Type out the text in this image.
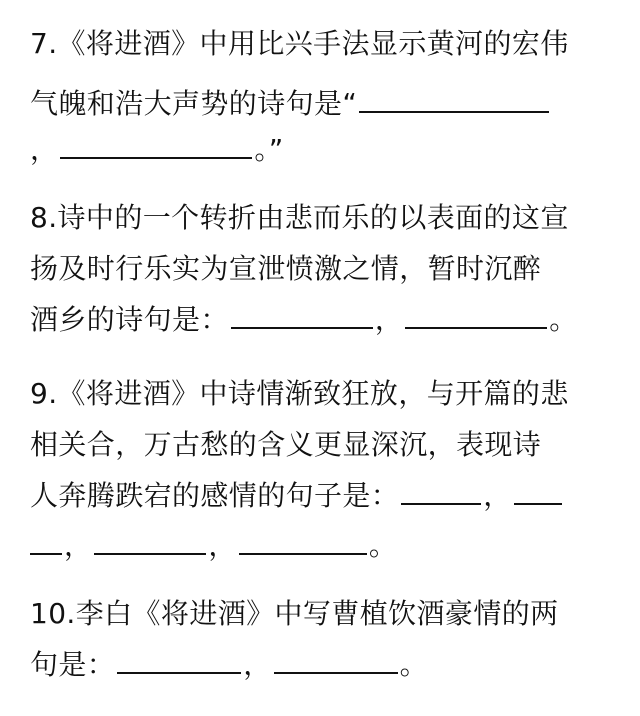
7.《将进酒》中用比兴手法显示黄河的宏伟
气魄和浩大声势的诗句是“
，	。”
8.诗中的一个转折由悲而乐的以表面的这宣
扬及时行乐实为宣泄愤激之情，暂时沉醉
酒乡的诗句是：	，	。
9.《将进酒》中诗情渐致狂放，与开篇的悲
相关合，万古愁的含义更显深沉，表现诗
人奔腾跌宕的感情的句子是：	，
，	，	。
10.李白《将进酒》中写曹植饮酒豪情的两
句是：	，	。
